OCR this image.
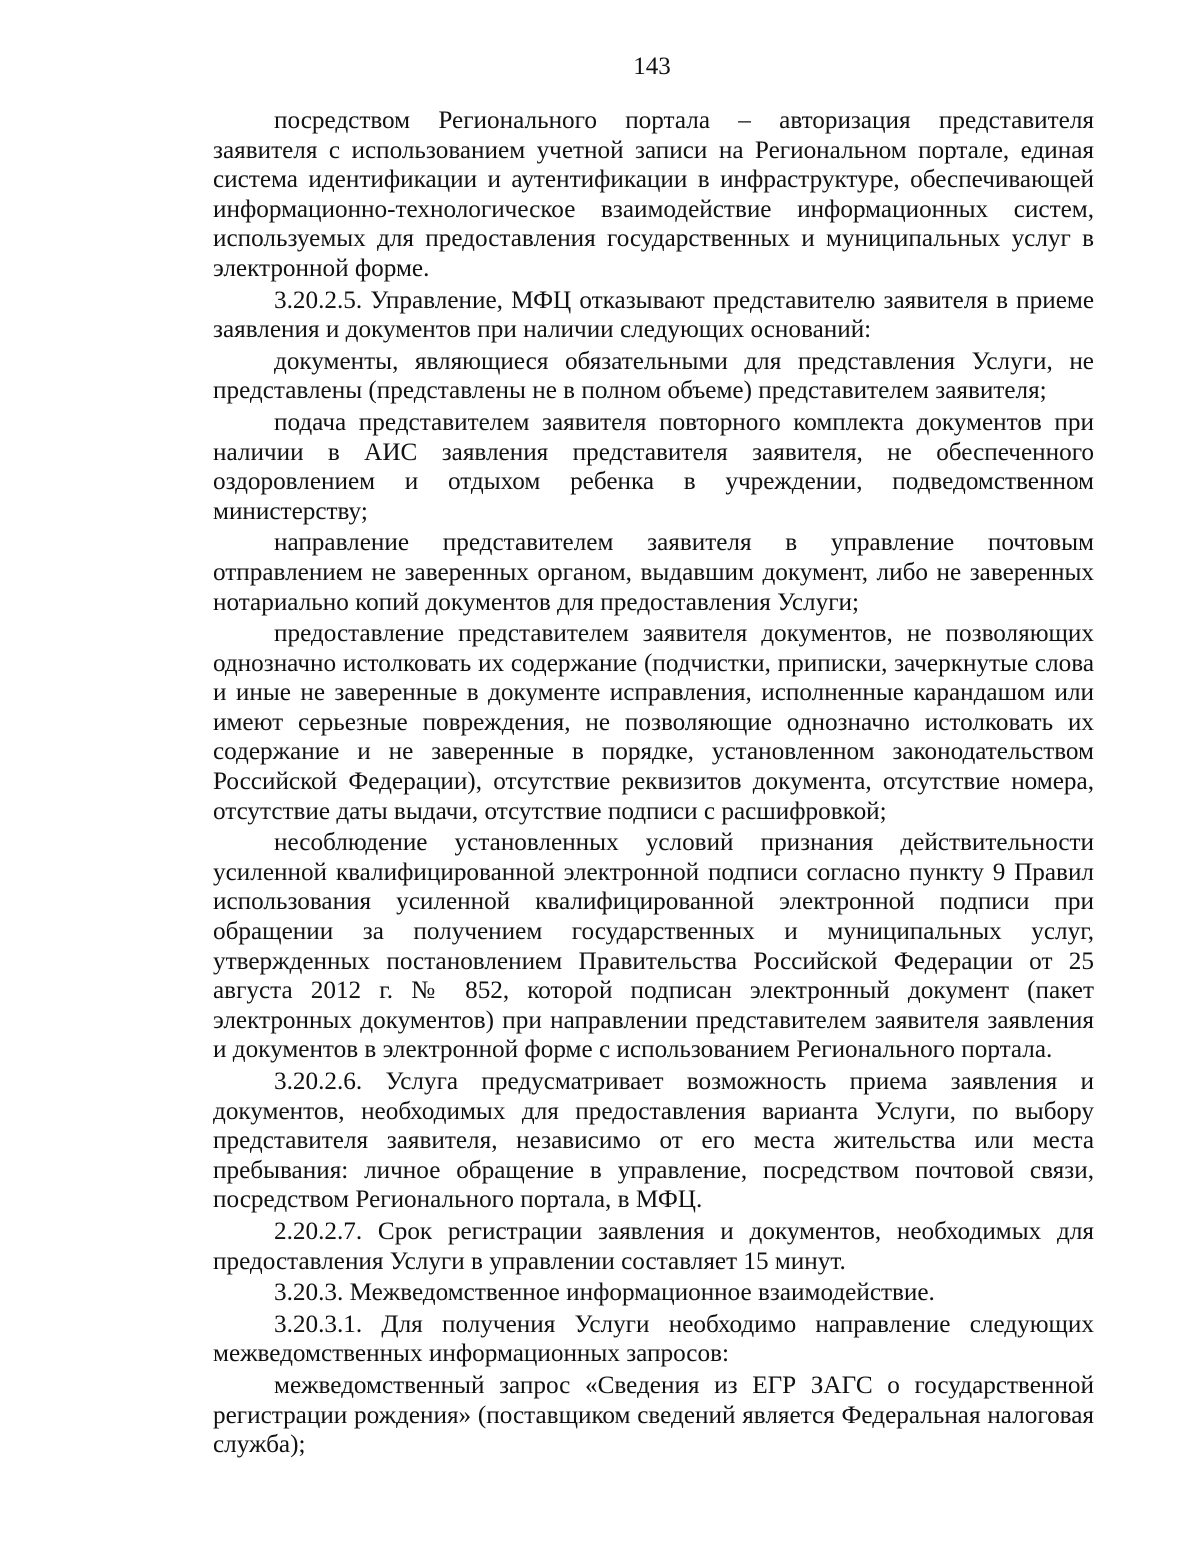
143

посредством Регионального портала – авторизация представителя заявителя с использованием учетной записи на Региональном портале, единая система идентификации и аутентификации в инфраструктуре, обеспечивающей информационно-технологическое взаимодействие информационных систем, используемых для предоставления государственных и муниципальных услуг в электронной форме.

3.20.2.5. Управление, МФЦ отказывают представителю заявителя в приеме заявления и документов при наличии следующих оснований:

документы, являющиеся обязательными для представления Услуги, не представлены (представлены не в полном объеме) представителем заявителя;

подача представителем заявителя повторного комплекта документов при наличии в АИС заявления представителя заявителя, не обеспеченного оздоровлением и отдыхом ребенка в учреждении, подведомственном министерству;

направление представителем заявителя в управление почтовым отправлением не заверенных органом, выдавшим документ, либо не заверенных нотариально копий документов для предоставления Услуги;

предоставление представителем заявителя документов, не позволяющих однозначно истолковать их содержание (подчистки, приписки, зачеркнутые слова и иные не заверенные в документе исправления, исполненные карандашом или имеют серьезные повреждения, не позволяющие однозначно истолковать их содержание и не заверенные в порядке, установленном законодательством Российской Федерации), отсутствие реквизитов документа, отсутствие номера, отсутствие даты выдачи, отсутствие подписи с расшифровкой;

несоблюдение установленных условий признания действительности усиленной квалифицированной электронной подписи согласно пункту 9 Правил использования усиленной квалифицированной электронной подписи при обращении за получением государственных и муниципальных услуг, утвержденных постановлением Правительства Российской Федерации от 25 августа 2012 г. № 852, которой подписан электронный документ (пакет электронных документов) при направлении представителем заявителя заявления и документов в электронной форме с использованием Регионального портала.

3.20.2.6. Услуга предусматривает возможность приема заявления и документов, необходимых для предоставления варианта Услуги, по выбору представителя заявителя, независимо от его места жительства или места пребывания: личное обращение в управление, посредством почтовой связи, посредством Регионального портала, в МФЦ.

2.20.2.7. Срок регистрации заявления и документов, необходимых для предоставления Услуги в управлении составляет 15 минут.

3.20.3. Межведомственное информационное взаимодействие.

3.20.3.1. Для получения Услуги необходимо направление следующих межведомственных информационных запросов:

межведомственный запрос «Сведения из ЕГР ЗАГС о государственной регистрации рождения» (поставщиком сведений является Федеральная налоговая служба);
